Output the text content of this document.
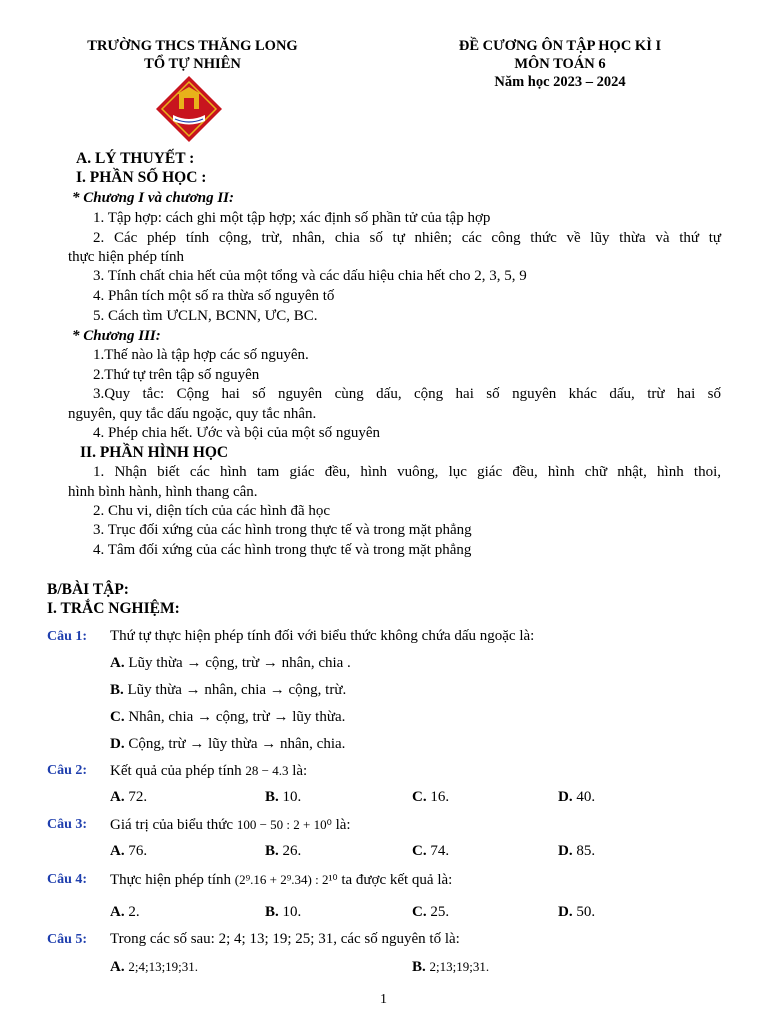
TRƯỜNG THCS THĂNG LONG
TỔ TỰ NHIÊN
ĐỀ CƯƠNG ÔN TẬP HỌC KÌ I
MÔN TOÁN 6
Năm học 2023 – 2024
A. LÝ THUYẾT :
I. PHẦN SỐ HỌC :
* Chương I và chương II:
1. Tập hợp: cách ghi một tập hợp; xác định số phần tử của tập hợp
2. Các phép tính cộng, trừ, nhân, chia số tự nhiên; các công thức về lũy thừa và thứ tự
thực hiện phép tính
3. Tính chất chia hết của một tổng và các dấu hiệu chia hết cho 2, 3, 5, 9
4. Phân tích một số ra thừa số nguyên tố
5. Cách tìm ƯCLN, BCNN, ƯC, BC.
* Chương III:
1.Thế nào là tập hợp các số nguyên.
2.Thứ tự trên tập số nguyên
3.Quy tắc: Cộng hai số nguyên cùng dấu, cộng hai số nguyên khác dấu, trừ hai số
nguyên, quy tắc dấu ngoặc, quy tắc nhân.
4. Phép chia hết. Ước và bội của một số nguyên
II. PHẦN HÌNH HỌC
1. Nhận biết các hình tam giác đều, hình vuông, lục giác đều, hình chữ nhật, hình thoi,
hình bình hành, hình thang cân.
2. Chu vi, diện tích của các hình đã học
3. Trục đối xứng của các hình trong thực tế và trong mặt phẳng
4. Tâm đối xứng của các hình trong thực tế và trong mặt phẳng
B/BÀI TẬP:
I. TRẮC NGHIỆM:
Câu 1: Thứ tự thực hiện phép tính đối với biểu thức không chứa dấu ngoặc là:
A. Lũy thừa → cộng, trừ → nhân, chia .
B. Lũy thừa → nhân, chia → cộng, trừ.
C. Nhân, chia → cộng, trừ → lũy thừa.
D. Cộng, trừ → lũy thừa → nhân, chia.
Câu 2: Kết quả của phép tính 28 − 4.3 là:
A. 72.	B. 10.	C. 16.	D. 40.
Câu 3: Giá trị của biểu thức 100 − 50 : 2 + 10⁰ là:
A. 76.	B. 26.	C. 74.	D. 85.
Câu 4: Thực hiện phép tính (2⁹.16 + 2⁹.34) : 2¹⁰ ta được kết quả là:
A. 2.	B. 10.	C. 25.	D. 50.
Câu 5: Trong các số sau: 2; 4; 13; 19; 25; 31, các số nguyên tố là:
A. 2;4;13;19;31.	B. 2;13;19;31.
1
